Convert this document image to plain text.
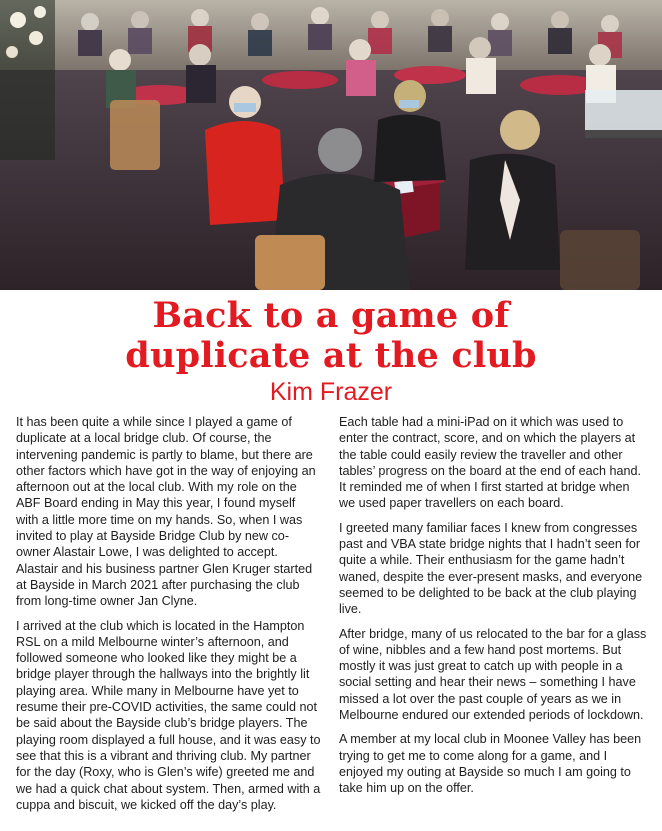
Back to a game of
duplicate at the club
Kim Frazer

It has been quite a while since I played a game of duplicate at a local bridge club. Of course, the intervening pandemic is partly to blame, but there are other factors which have got in the way of enjoying an afternoon out at the local club. With my role on the ABF Board ending in May this year, I found myself with a little more time on my hands. So, when I was invited to play at Bayside Bridge Club by new co-owner Alastair Lowe, I was delighted to accept. Alastair and his business partner Glen Kruger started at Bayside in March 2021 after purchasing the club from long-time owner Jan Clyne.

I arrived at the club which is located in the Hampton RSL on a mild Melbourne winter’s afternoon, and followed someone who looked like they might be a bridge player through the hallways into the brightly lit playing area. While many in Melbourne have yet to resume their pre-COVID activities, the same could not be said about the Bayside club’s bridge players. The playing room displayed a full house, and it was easy to see that this is a vibrant and thriving club. My partner for the day (Roxy, who is Glen’s wife) greeted me and we had a quick chat about system. Then, armed with a cuppa and biscuit, we kicked off the day’s play.

Each table had a mini-iPad on it which was used to enter the contract, score, and on which the players at the table could easily review the traveller and other tables’ progress on the board at the end of each hand. It reminded me of when I first started at bridge when we used paper travellers on each board.

I greeted many familiar faces I knew from congresses past and VBA state bridge nights that I hadn’t seen for quite a while. Their enthusiasm for the game hadn’t waned, despite the ever-present masks, and everyone seemed to be delighted to be back at the club playing live.

After bridge, many of us relocated to the bar for a glass of wine, nibbles and a few hand post mortems. But mostly it was just great to catch up with people in a social setting and hear their news – something I have missed a lot over the past couple of years as we in Melbourne endured our extended periods of lockdown.

A member at my local club in Moonee Valley has been trying to get me to come along for a game, and I enjoyed my outing at Bayside so much I am going to take him up on the offer.
